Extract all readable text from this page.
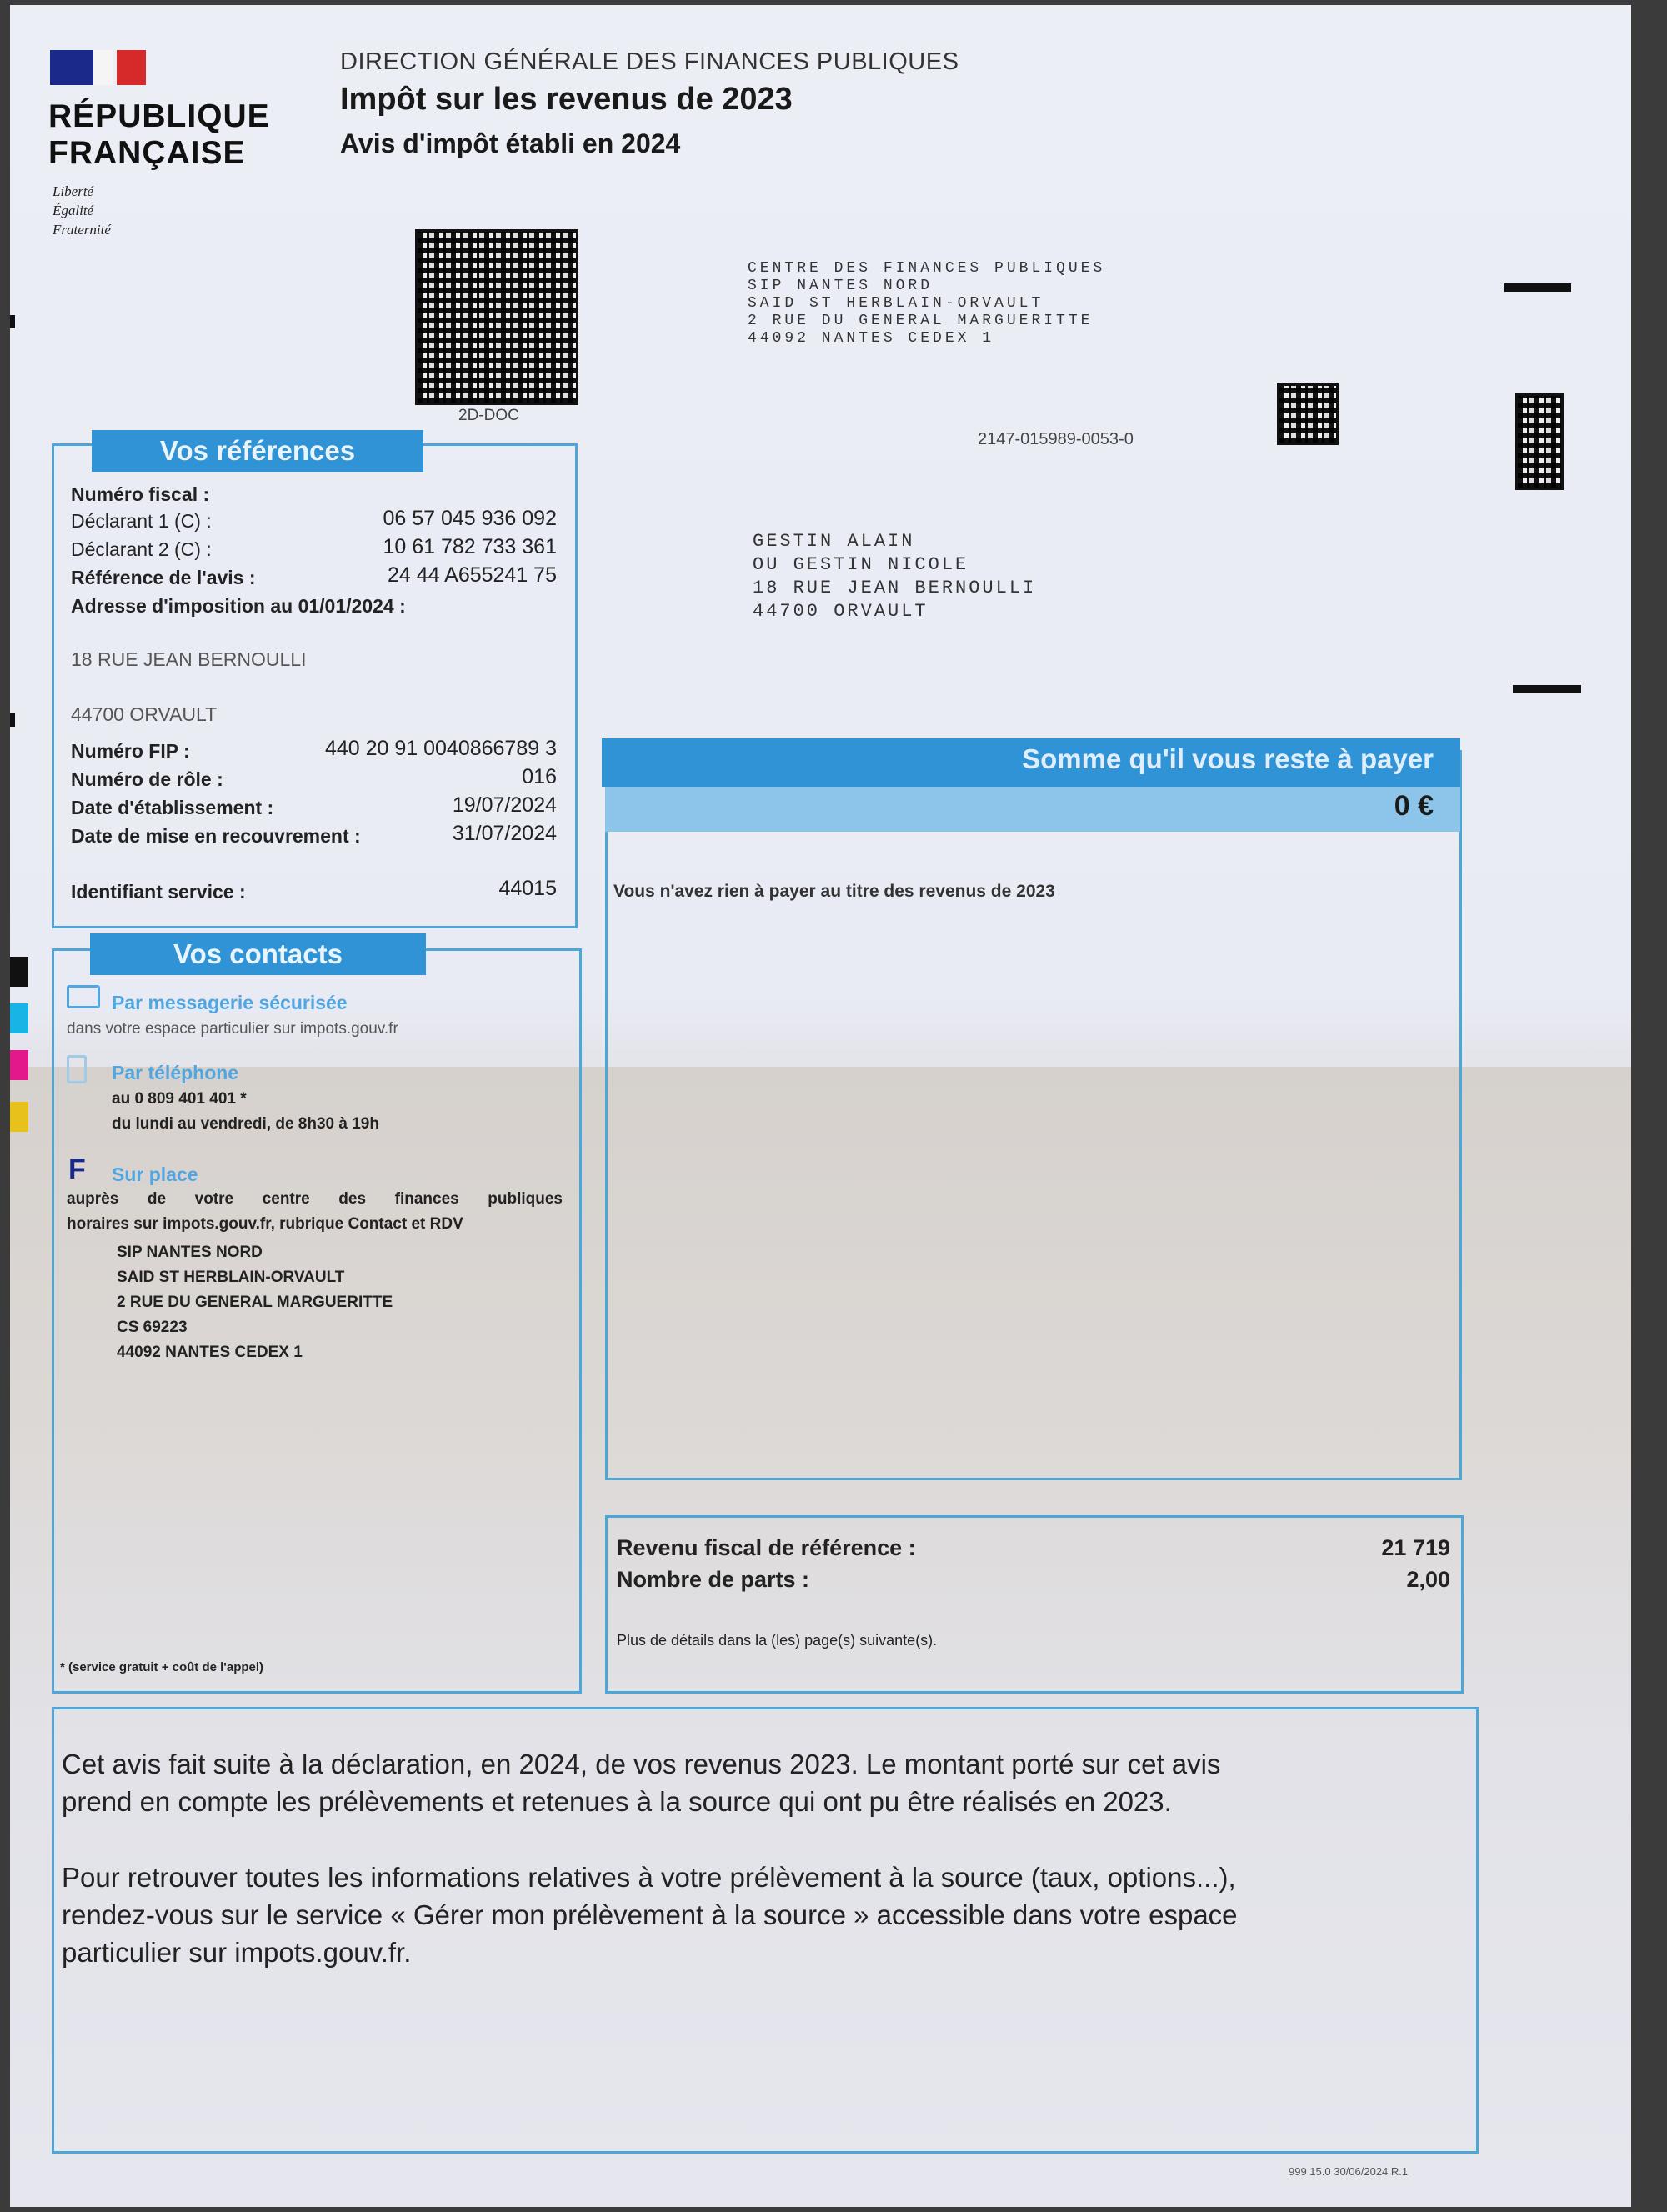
RÉPUBLIQUE
FRANÇAISE
Liberté
Égalité
Fraternité
DIRECTION GÉNÉRALE DES FINANCES PUBLIQUES
Impôt sur les revenus de 2023
Avis d'impôt établi en 2024
2D-DOC
CENTRE DES FINANCES PUBLIQUES
SIP NANTES NORD
SAID ST HERBLAIN-ORVAULT
2 RUE DU GENERAL MARGUERITTE
44092 NANTES CEDEX 1
2147-015989-0053-0
GESTIN ALAIN
OU GESTIN NICOLE
18 RUE JEAN BERNOULLI
44700 ORVAULT
Vos références
Numéro fiscal :
Déclarant 1 (C) :	06 57 045 936 092
Déclarant 2 (C) :	10 61 782 733 361
Référence de l'avis :	24 44 A655241 75
Adresse d'imposition au 01/01/2024 :
18 RUE JEAN BERNOULLI
44700 ORVAULT
Numéro FIP :	440 20 91 0040866789 3
Numéro de rôle :	016
Date d'établissement :	19/07/2024
Date de mise en recouvrement :	31/07/2024
Identifiant service :	44015
Vos contacts
Par messagerie sécurisée
dans votre espace particulier sur impots.gouv.fr
Par téléphone
au 0 809 401 401 *
du lundi au vendredi, de 8h30 à 19h
F Sur place
auprès de votre centre des finances publiques
horaires sur impots.gouv.fr, rubrique Contact et RDV
SIP NANTES NORD
SAID ST HERBLAIN-ORVAULT
2 RUE DU GENERAL MARGUERITTE
CS 69223
44092 NANTES CEDEX 1
* (service gratuit + coût de l'appel)
Somme qu'il vous reste à payer
0 €
Vous n'avez rien à payer au titre des revenus de 2023
Revenu fiscal de référence :	21 719
Nombre de parts :	2,00
Plus de détails dans la (les) page(s) suivante(s).
Cet avis fait suite à la déclaration, en 2024, de vos revenus 2023. Le montant porté sur cet avis
prend en compte les prélèvements et retenues à la source qui ont pu être réalisés en 2023.
Pour retrouver toutes les informations relatives à votre prélèvement à la source (taux, options...),
rendez-vous sur le service « Gérer mon prélèvement à la source » accessible dans votre espace
particulier sur impots.gouv.fr.
999 15.0 30/06/2024 R.1
